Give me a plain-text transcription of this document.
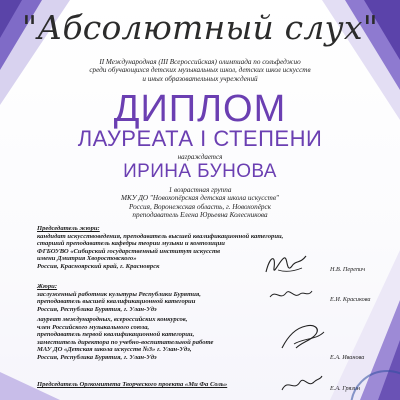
"Абсолютный слух"
II Международная (III Всероссийская) олимпиада по сольфеджио
среди обучающихся детских музыкальных школ, детских школ искусств
и иных образовательных учреждений
ДИПЛОМ
ЛАУРЕАТА I СТЕПЕНИ
награждается
ИРИНА БУНОВА
1 возрастная группа
МКУ ДО "Новохопёрская детская школа искусств"
Россия, Воронежская область, г. Новохопёрск
преподаватель Елена Юрьевна Колесникова
Председатель жюри:
кандидат искусствоведения, преподаватель высшей квалификационной категории,
старший преподаватель кафедры теории музыки и композиции
ФГБОУВО «Сибирский государственный институт искусств
имени Дмитрия Хворостовского»
Россия, Красноярский край, г. Красноярск	Н.В. Перепич
Жюри:
заслуженный работник культуры Республики Бурятия,
преподаватель высшей квалификационной категории
Россия, Республика Бурятия, г. Улан-Удэ
Е.И. Красикова
лауреат международных, всероссийских конкурсов,
член Российского музыкального союза,
преподаватель первой квалификационной категории,
заместитель директора по учебно-воспитательной работе
МАУ ДО «Детская школа искусств №3» г. Улан-Удэ,
Россия, Республика Бурятия, г. Улан-Удэ	Е.А. Иванова
Председатель Оргкомитета Творческого проекта «Ми Фа Соль»
Е.А. Грязин
